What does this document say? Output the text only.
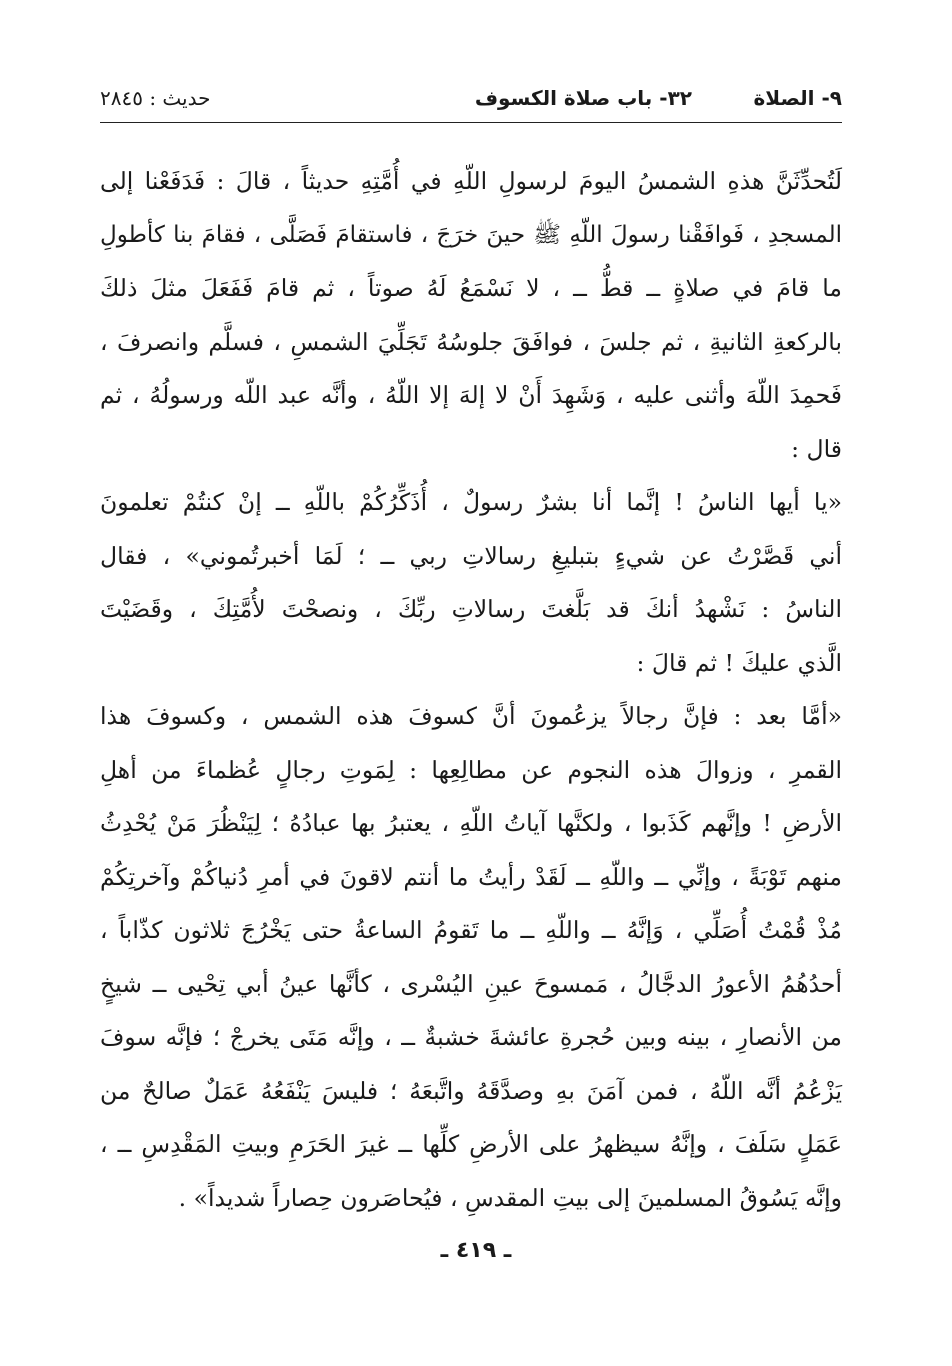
٩- الصلاة
٣٢- باب صلاة الكسوف
حديث : ٢٨٤٥
لَتُحدِّثَنَّ هذهِ الشمسُ اليومَ لرسولِ اللّهِ في أُمَّتِهِ حديثاً ، قالَ : فَدَفَعْنا إلى
المسجدِ ، فَوافَقْنا رسولَ اللّهِ ﷺ حينَ خرَجَ ، فاستقامَ فَصَلَّى ، فقامَ بنا كأطولِ
ما قامَ في صلاةٍ ــ قطُّ ــ ، لا نَسْمَعُ لَهُ صوتاً ، ثم قامَ فَفَعَلَ مثلَ ذلكَ
بالركعةِ الثانيةِ ، ثم جلسَ ، فوافَقَ جلوسُهُ تَجَلِّيَ الشمسِ ، فسلَّم وانصرفَ ،
فَحمِدَ اللّهَ وأثنى عليه ، وَشَهِدَ أَنْ لا إلهَ إلا اللّهُ ، وأنَّه عبد اللّه ورسولُهُ ، ثم
قال :
«يا أيها الناسُ ! إنَّما أنا بشرٌ رسولٌ ، أُذَكِّرُكُمْ باللّهِ ــ إنْ كنتُمْ تعلمونَ
أني قَصَّرْتُ عن شيءٍ بتبليغِ رسالاتِ ربي ــ ؛ لَمَا أخبرتُموني» ، فقال
الناسُ : نَشْهدُ أنكَ قد بَلَّغتَ رسالاتِ ربِّكَ ، ونصحْتَ لأُمَّتِكَ ، وقَضَيْتَ
الَّذي عليكَ ! ثم قالَ :
«أمَّا بعد : فإنَّ رجالاً يزعُمونَ أنَّ كسوفَ هذه الشمس ، وكسوفَ هذا
القمرِ ، وزوالَ هذه النجوم عن مطالِعِها : لِمَوتِ رجالٍ عُظماءَ من أهلِ
الأرضِ ! وإنَّهم كَذَبوا ، ولكنَّها آياتُ اللّهِ ، يعتبرُ بها عبادُهُ ؛ لِيَنْظُرَ مَنْ يُحْدِثُ
منهم تَوْبَةً ، وإنِّي ــ واللّهِ ــ لَقَدْ رأيتُ ما أنتم لاقونَ في أمرِ دُنياكُمْ وآخرتِكُمْ
مُذْ قُمْتُ أُصَلِّي ، وَإنَّهُ ــ واللّهِ ــ ما تَقومُ الساعةُ حتى يَخْرُجَ ثلاثون كذّاباً ،
أحدُهُمُ الأعورُ الدجَّالُ ، مَمسوحَ عينِ اليُسْرى ، كأنَّها عينُ أبي تِحْيى ــ شيخٍ
من الأنصارِ ، بينه وبين حُجرةِ عائشةَ خشبةٌ ــ ، وإنَّه مَتَى يخرجْ ؛ فإنَّه سوفَ
يَزْعُمُ أنَّه اللّهُ ، فمن آمَنَ بهِ وصدَّقَهُ واتَّبعَهُ ؛ فليسَ يَنْفَعُهُ عَمَلٌ صالحٌ من
عَمَلٍ سَلَفَ ، وإنَّهُ سيظهرُ على الأرضِ كلِّها ــ غيرَ الحَرَمِ وبيتِ المَقْدِسِ ــ ،
وإنَّه يَسُوقُ المسلمينَ إلى بيتِ المقدسِ ، فيُحاصَرون حِصاراً شديداً» .
ـ ٤١٩ ـ
